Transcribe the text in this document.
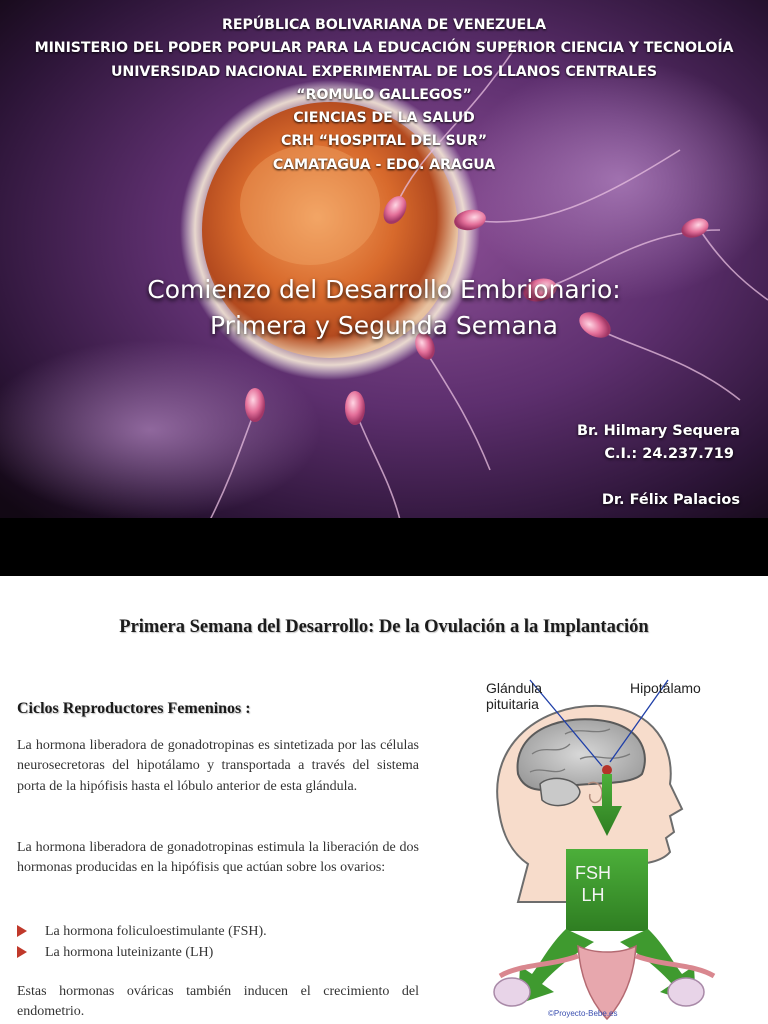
REPÚBLICA BOLIVARIANA DE VENEZUELA
MINISTERIO DEL PODER POPULAR PARA LA EDUCACIÓN SUPERIOR CIENCIA Y TECNOLOÍA
UNIVERSIDAD NACIONAL EXPERIMENTAL DE LOS LLANOS CENTRALES
“ROMULO GALLEGOS”
CIENCIAS DE LA SALUD
CRH “HOSPITAL DEL SUR”
CAMATAGUA - EDO. ARAGUA
Comienzo del Desarrollo Embrionario:
Primera y Segunda Semana
Br. Hilmary Sequera
C.I.: 24.237.719
Dr. Félix Palacios
Primera Semana del Desarrollo: De la Ovulación a la Implantación
Ciclos Reproductores Femeninos :
La hormona liberadora de gonadotropinas es sintetizada por las células neurosecretoras del hipotálamo y transportada a través del sistema porta de la hipófisis hasta el lóbulo anterior de esta glándula.
La hormona liberadora de gonadotropinas estimula la liberación de dos hormonas producidas en la hipófisis que actúan sobre los ovarios:
La hormona foliculoestimulante (FSH).
La hormona luteinizante (LH)
Estas hormonas ováricas también inducen el crecimiento del endometrio.
Glándula pituitaria
Hipotálamo
FSH
LH
©Proyecto-Bebe.es
